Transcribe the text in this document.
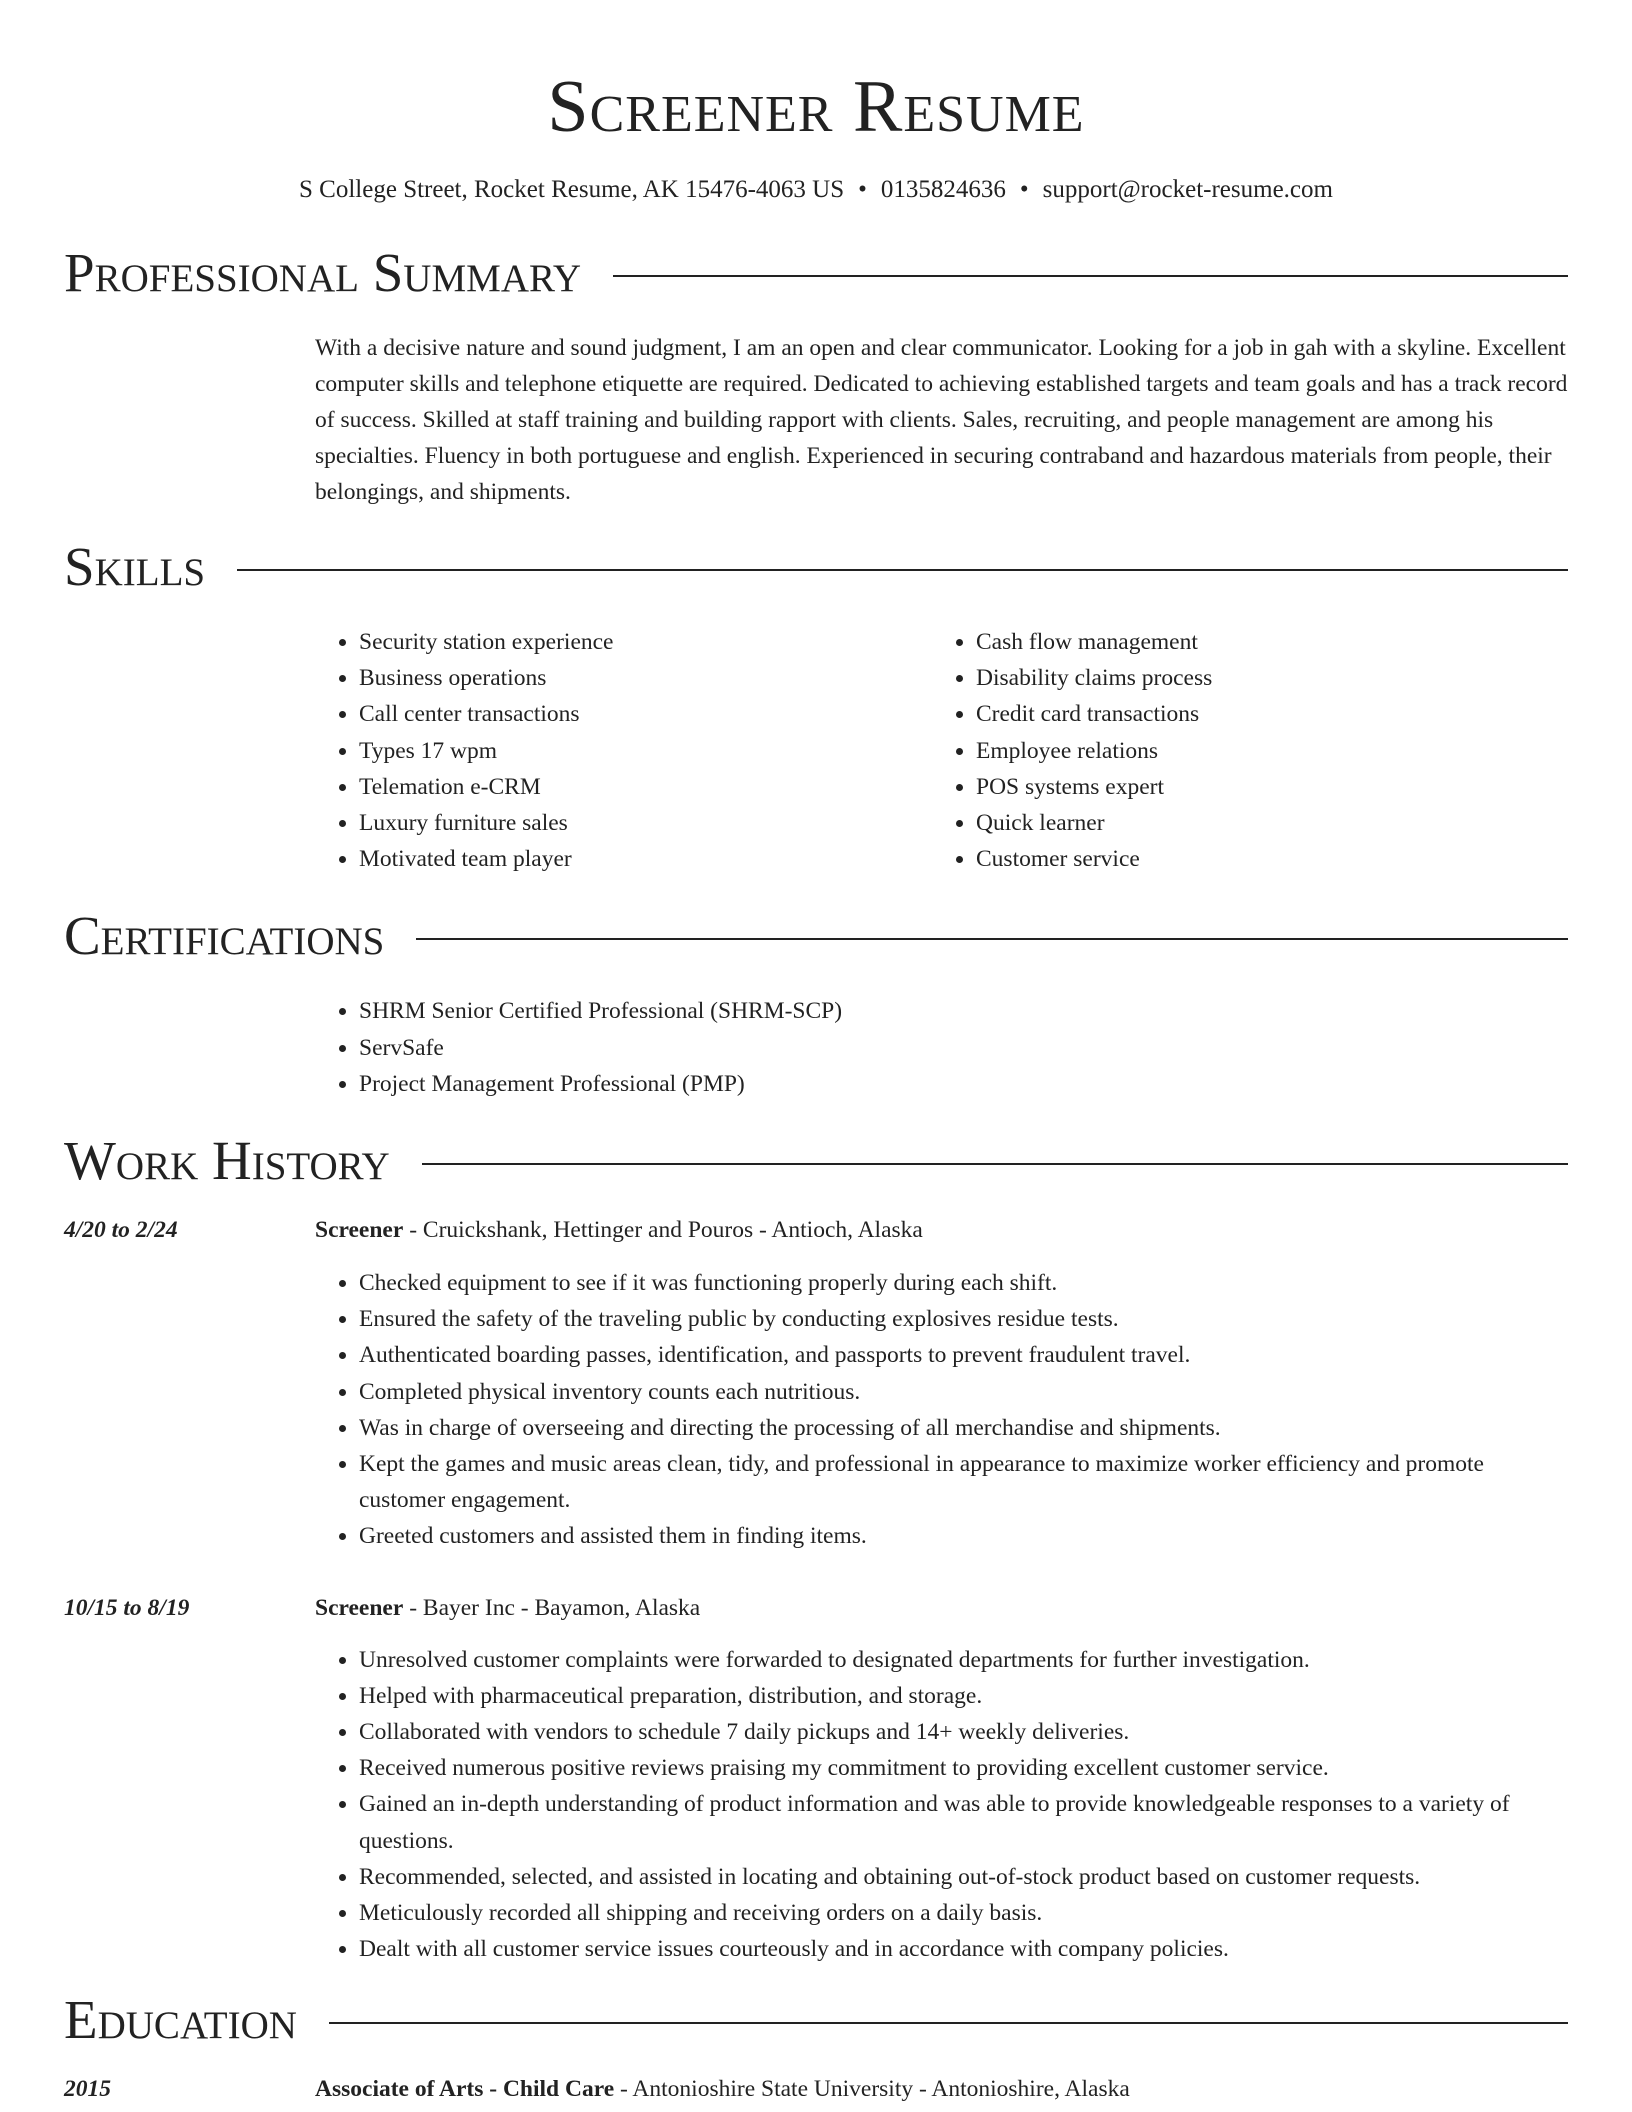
Screener Resume
S College Street, Rocket Resume, AK 15476-4063 US • 0135824636 • support@rocket-resume.com
Professional Summary
With a decisive nature and sound judgment, I am an open and clear communicator. Looking for a job in gah with a skyline. Excellent computer skills and telephone etiquette are required. Dedicated to achieving established targets and team goals and has a track record of success. Skilled at staff training and building rapport with clients. Sales, recruiting, and people management are among his specialties. Fluency in both portuguese and english. Experienced in securing contraband and hazardous materials from people, their belongings, and shipments.
Skills
• Security station experience
• Business operations
• Call center transactions
• Types 17 wpm
• Telemation e-CRM
• Luxury furniture sales
• Motivated team player
• Cash flow management
• Disability claims process
• Credit card transactions
• Employee relations
• POS systems expert
• Quick learner
• Customer service
Certifications
• SHRM Senior Certified Professional (SHRM-SCP)
• ServSafe
• Project Management Professional (PMP)
Work History
4/20 to 2/24	Screener - Cruickshank, Hettinger and Pouros - Antioch, Alaska
• Checked equipment to see if it was functioning properly during each shift.
• Ensured the safety of the traveling public by conducting explosives residue tests.
• Authenticated boarding passes, identification, and passports to prevent fraudulent travel.
• Completed physical inventory counts each nutritious.
• Was in charge of overseeing and directing the processing of all merchandise and shipments.
• Kept the games and music areas clean, tidy, and professional in appearance to maximize worker efficiency and promote customer engagement.
• Greeted customers and assisted them in finding items.
10/15 to 8/19	Screener - Bayer Inc - Bayamon, Alaska
• Unresolved customer complaints were forwarded to designated departments for further investigation.
• Helped with pharmaceutical preparation, distribution, and storage.
• Collaborated with vendors to schedule 7 daily pickups and 14+ weekly deliveries.
• Received numerous positive reviews praising my commitment to providing excellent customer service.
• Gained an in-depth understanding of product information and was able to provide knowledgeable responses to a variety of questions.
• Recommended, selected, and assisted in locating and obtaining out-of-stock product based on customer requests.
• Meticulously recorded all shipping and receiving orders on a daily basis.
• Dealt with all customer service issues courteously and in accordance with company policies.
Education
2015	Associate of Arts - Child Care - Antonioshire State University - Antonioshire, Alaska
